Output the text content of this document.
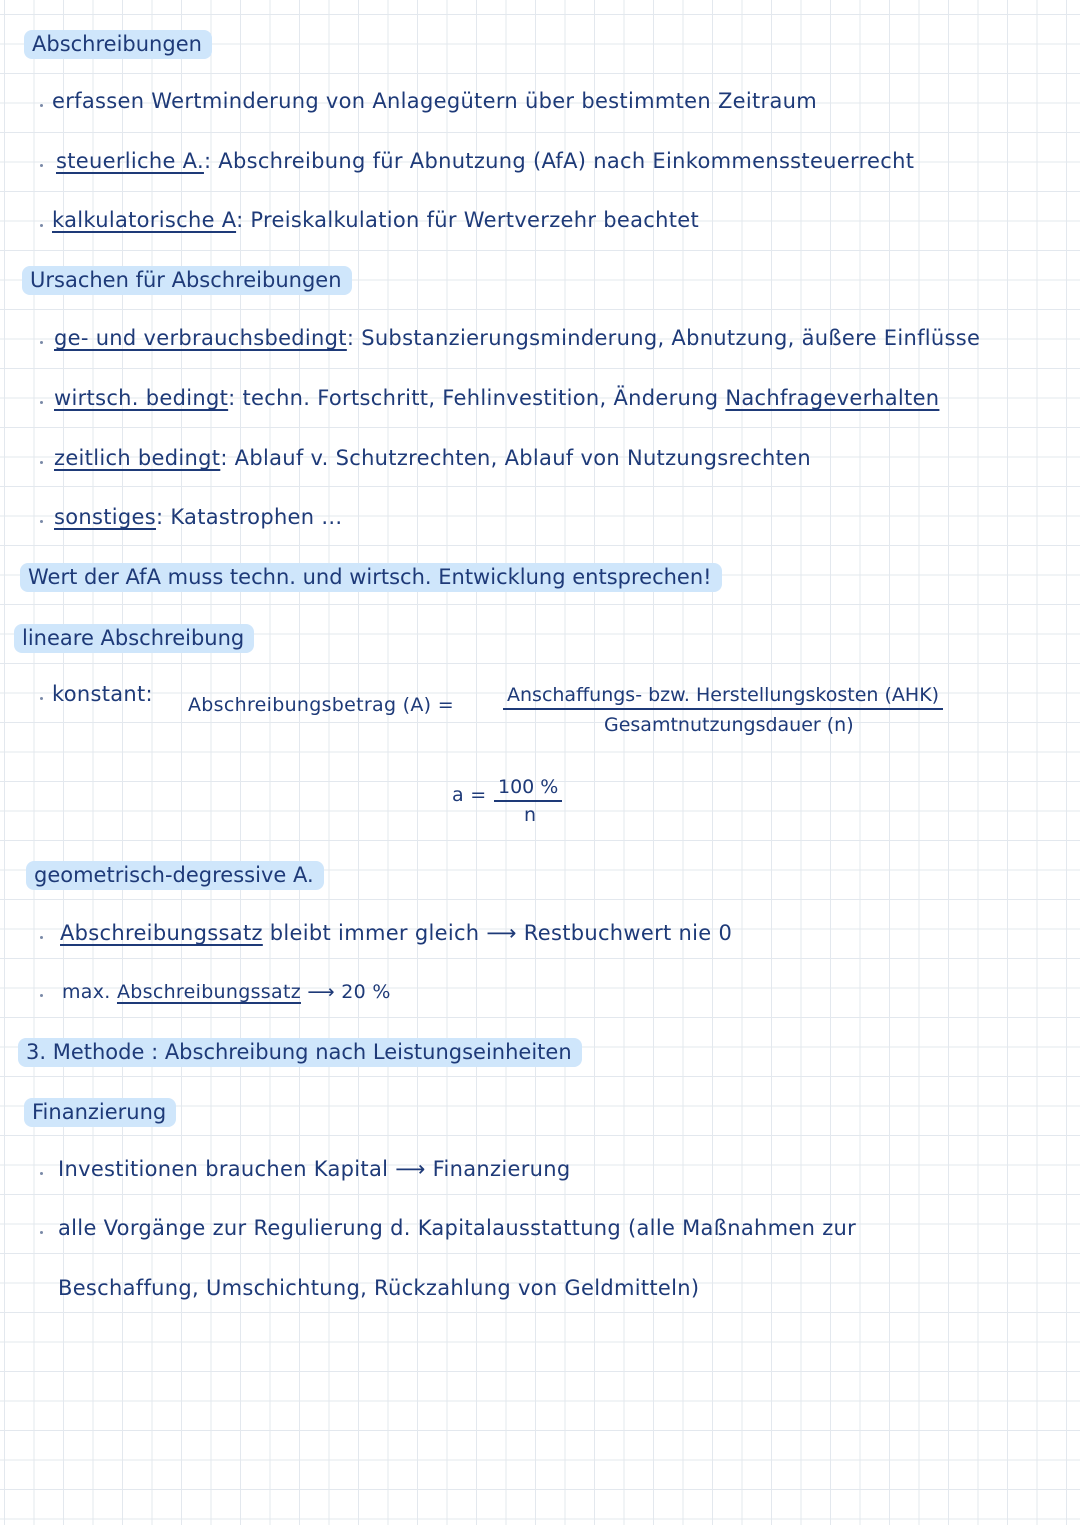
Abschreibungen
erfassen Wertminderung von Anlagegütern über bestimmten Zeitraum
steuerliche A.: Abschreibung für Abnutzung (AfA) nach Einkommenssteuerrecht
kalkulatorische A: Preiskalkulation für Wertverzehr beachtet
Ursachen für Abschreibungen
ge- und verbrauchsbedingt: Substanzierungsminderung, Abnutzung, äußere Einflüsse
wirtsch. bedingt: techn. Fortschritt, Fehlinvestition, Änderung Nachfrageverhalten
zeitlich bedingt: Ablauf v. Schutzrechten, Ablauf von Nutzungsrechten
sonstiges: Katastrophen ...
Wert der AfA muss techn. und wirtsch. Entwicklung entsprechen!
lineare Abschreibung
konstant: Abschreibungsbetrag (A) =	Anschaffungs- bzw. Herstellungskosten (AHK)
Gesamtnutzungsdauer (n)
a = 100 %
n
geometrisch-degressive A.
Abschreibungssatz bleibt immer gleich ⟶ Restbuchwert nie 0
max. Abschreibungssatz ⟶ 20 %
3. Methode : Abschreibung nach Leistungseinheiten
Finanzierung
Investitionen brauchen Kapital ⟶ Finanzierung
alle Vorgänge zur Regulierung d. Kapitalausstattung (alle Maßnahmen zur
Beschaffung, Umschichtung, Rückzahlung von Geldmitteln)
